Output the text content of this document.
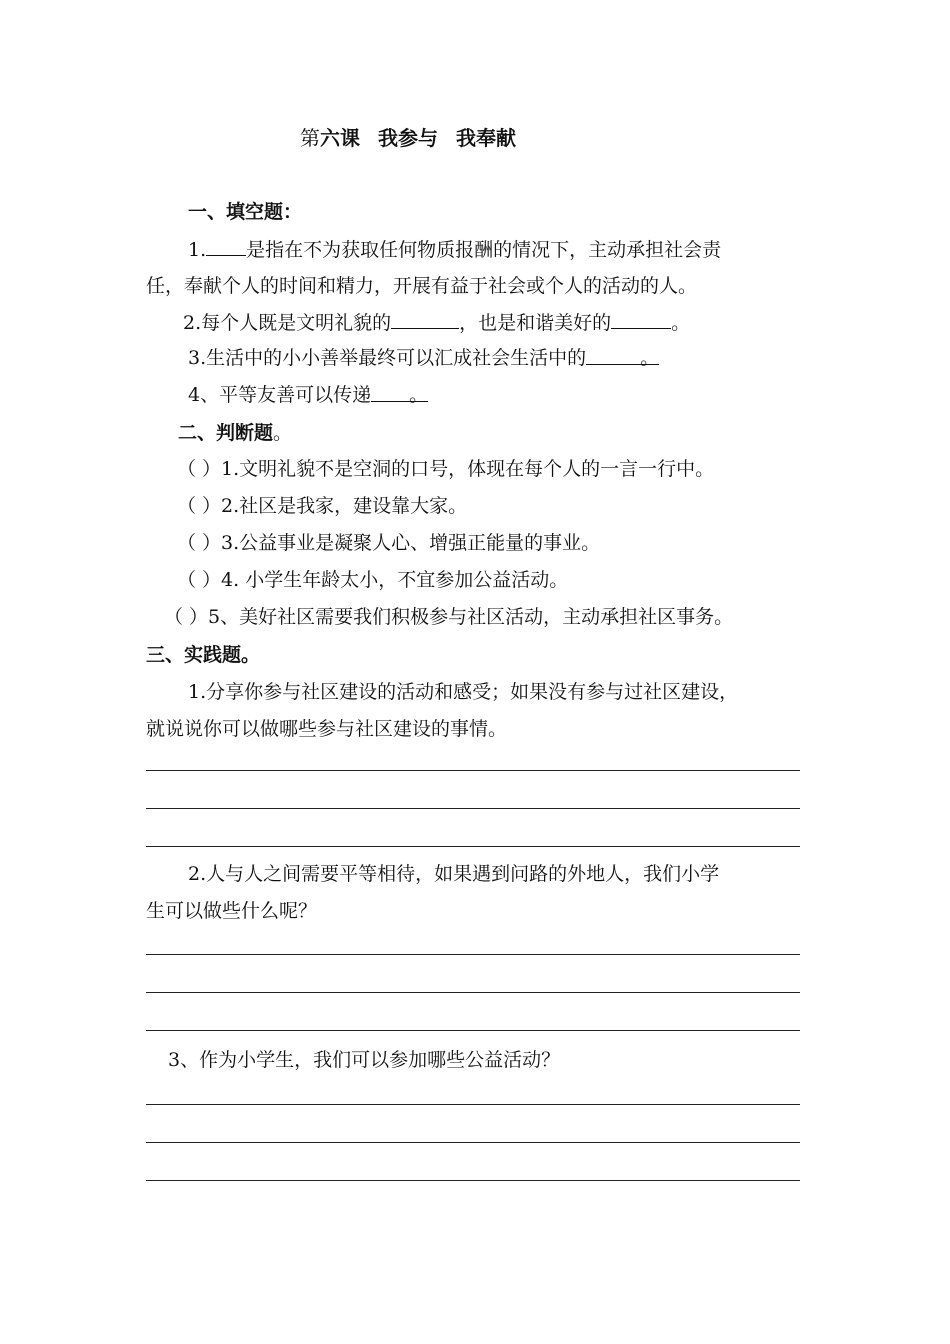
第六课 我参与 我奉献
一、填空题：
1. 是指在不为获取任何物质报酬的情况下，主动承担社会责
任，奉献个人的时间和精力，开展有益于社会或个人的活动的人。
2.每个人既是文明礼貌的	，也是和谐美好的	。
3.生活中的小小善举最终可以汇成社会生活中的	。
4、平等友善可以传递 。
二、判断题。
（ ）1.文明礼貌不是空洞的口号，体现在每个人的一言一行中。
（ ）2.社区是我家，建设靠大家。
（ ）3.公益事业是凝聚人心、增强正能量的事业。
（ ）4. 小学生年龄太小，不宜参加公益活动。
（ ）5、美好社区需要我们积极参与社区活动，主动承担社区事务。
三、实践题。
1.分享你参与社区建设的活动和感受；如果没有参与过社区建设，
就说说你可以做哪些参与社区建设的事情。
2.人与人之间需要平等相待，如果遇到问路的外地人，我们小学
生可以做些什么呢？
3、作为小学生，我们可以参加哪些公益活动？
